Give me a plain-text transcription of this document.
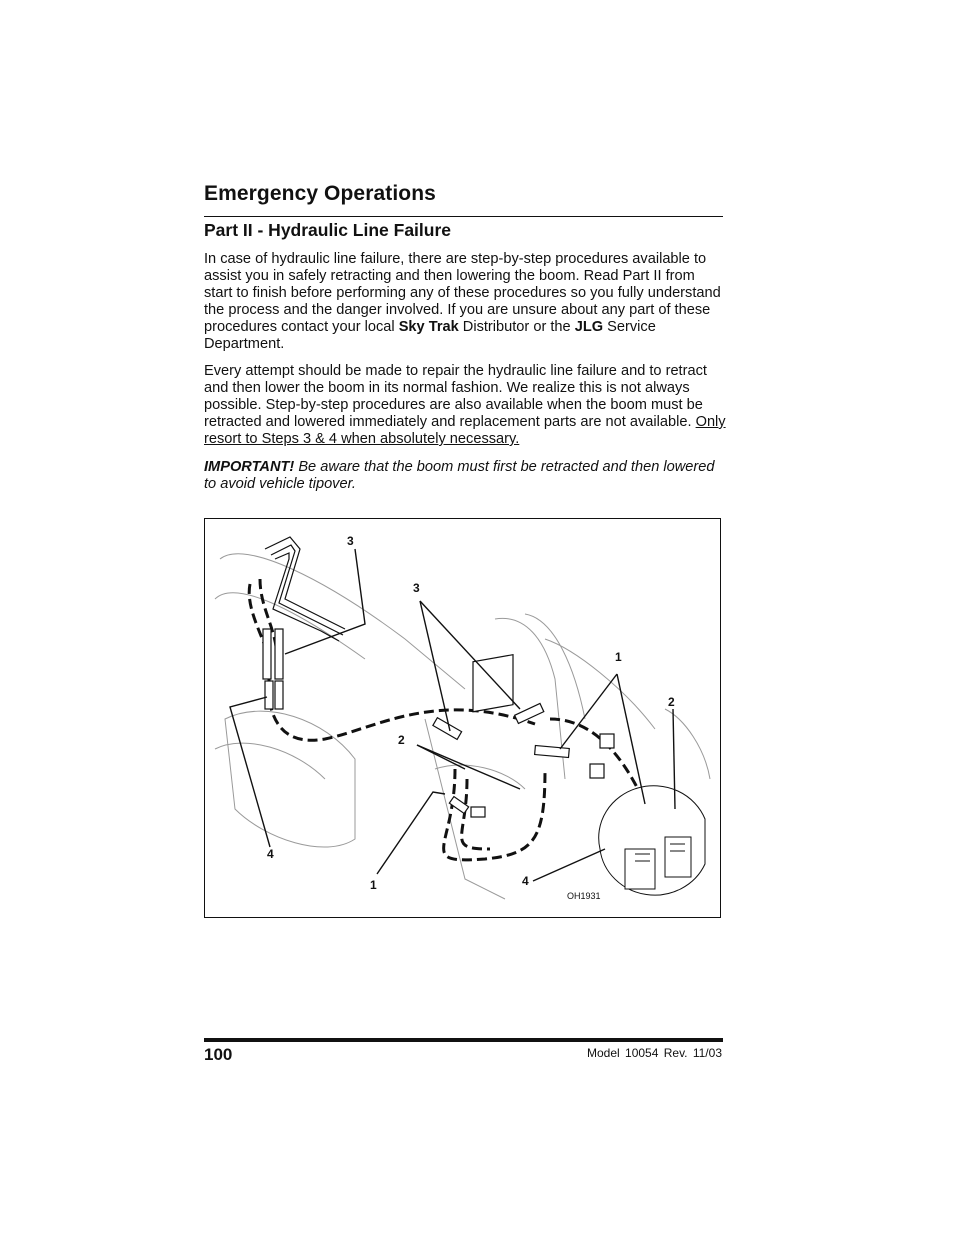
Emergency Operations
Part II - Hydraulic Line Failure

In case of hydraulic line failure, there are step-by-step procedures available to assist you in safely retracting and then lowering the boom. Read Part II from start to finish before performing any of these procedures so you fully understand the process and the danger involved. If you are unsure about any part of these procedures contact your local Sky Trak Distributor or the JLG Service Department.

Every attempt should be made to repair the hydraulic line failure and to retract and then lower the boom in its normal fashion. We realize this is not always possible. Step-by-step procedures are also available when the boom must be retracted and lowered immediately and replacement parts are not available. Only resort to Steps 3 & 4 when absolutely necessary.

IMPORTANT! Be aware that the boom must first be retracted and then lowered to avoid vehicle tipover.

3
3
1
2
2
4
1	4
OH1931
100	Model 10054 Rev. 11/03
